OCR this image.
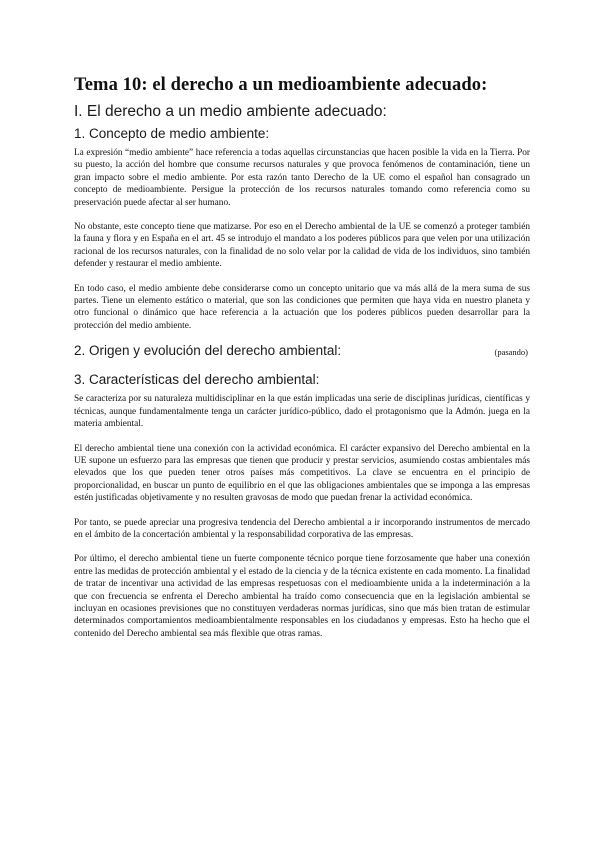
Tema 10: el derecho a un medioambiente adecuado:
I. El derecho a un medio ambiente adecuado:
1. Concepto de medio ambiente:

La expresión “medio ambiente” hace referencia a todas aquellas circunstancias que hacen posible la vida en la Tierra. Por su puesto, la acción del hombre que consume recursos naturales y que provoca fenómenos de contaminación, tiene un gran impacto sobre el medio ambiente. Por esta razón tanto Derecho de la UE como el español han consagrado un concepto de medioambiente. Persigue la protección de los recursos naturales tomando como referencia como su preservación puede afectar al ser humano.

No obstante, este concepto tiene que matizarse. Por eso en el Derecho ambiental de la UE se comenzó a proteger también la fauna y flora y en España en el art. 45 se introdujo el mandato a los poderes públicos para que velen por una utilización racional de los recursos naturales, con la finalidad de no solo velar por la calidad de vida de los individuos, sino también defender y restaurar el medio ambiente.

En todo caso, el medio ambiente debe considerarse como un concepto unitario que va más allá de la mera suma de sus partes. Tiene un elemento estático o material, que son las condiciones que permiten que haya vida en nuestro planeta y otro funcional o dinámico que hace referencia a la actuación que los poderes públicos pueden desarrollar para la protección del medio ambiente.

2. Origen y evolución del derecho ambiental:	(pasando)
3. Características del derecho ambiental:

Se caracteriza por su naturaleza multidisciplinar en la que están implicadas una serie de disciplinas jurídicas, científicas y técnicas, aunque fundamentalmente tenga un carácter jurídico-público, dado el protagonismo que la Admón. juega en la materia ambiental.

El derecho ambiental tiene una conexión con la actividad económica. El carácter expansivo del Derecho ambiental en la UE supone un esfuerzo para las empresas que tienen que producir y prestar servicios, asumiendo costas ambientales más elevados que los que pueden tener otros países más competitivos. La clave se encuentra en el principio de proporcionalidad, en buscar un punto de equilibrio en el que las obligaciones ambientales que se imponga a las empresas estén justificadas objetivamente y no resulten gravosas de modo que puedan frenar la actividad económica.

Por tanto, se puede apreciar una progresiva tendencia del Derecho ambiental a ir incorporando instrumentos de mercado en el ámbito de la concertación ambiental y la responsabilidad corporativa de las empresas.

Por último, el derecho ambiental tiene un fuerte componente técnico porque tiene forzosamente que haber una conexión entre las medidas de protección ambiental y el estado de la ciencia y de la técnica existente en cada momento. La finalidad de tratar de incentivar una actividad de las empresas respetuosas con el medioambiente unida a la indeterminación a la que con frecuencia se enfrenta el Derecho ambiental ha traído como consecuencia que en la legislación ambiental se incluyan en ocasiones previsiones que no constituyen verdaderas normas jurídicas, sino que más bien tratan de estimular determinados comportamientos medioambientalmente responsables en los ciudadanos y empresas. Esto ha hecho que el contenido del Derecho ambiental sea más flexible que otras ramas.
